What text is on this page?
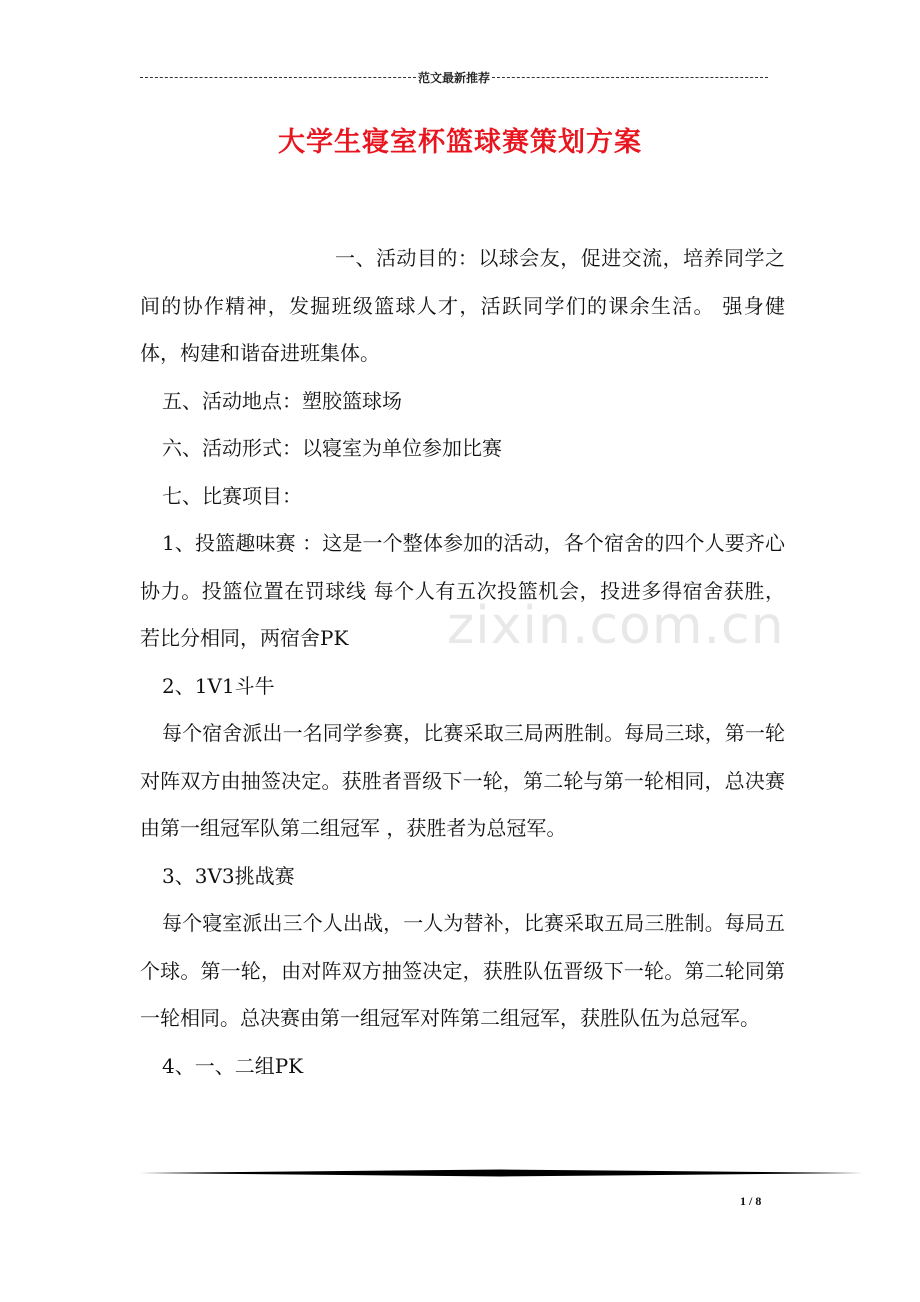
范文最新推荐
大学生寝室杯篮球赛策划方案

一、活动目的：以球会友，促进交流，培养同学之间的协作精神，发掘班级篮球人才，活跃同学们的课余生活。 强身健体，构建和谐奋进班集体。

五、活动地点：塑胶篮球场

六、活动形式：以寝室为单位参加比赛

七、比赛项目：

1、投篮趣味赛 ：这是一个整体参加的活动，各个宿舍的四个人要齐心协力。投篮位置在罚球线 每个人有五次投篮机会，投进多得宿舍获胜，若比分相同，两宿舍PK

2、1V1斗牛

每个宿舍派出一名同学参赛，比赛采取三局两胜制。每局三球，第一轮对阵双方由抽签决定。获胜者晋级下一轮，第二轮与第一轮相同，总决赛由第一组冠军队第二组冠军 ，获胜者为总冠军。

3、3V3挑战赛

每个寝室派出三个人出战，一人为替补，比赛采取五局三胜制。每局五个球。第一轮，由对阵双方抽签决定，获胜队伍晋级下一轮。第二轮同第一轮相同。总决赛由第一组冠军对阵第二组冠军，获胜队伍为总冠军。

4、一、二组PK

zixin.com.cn
1 / 8
